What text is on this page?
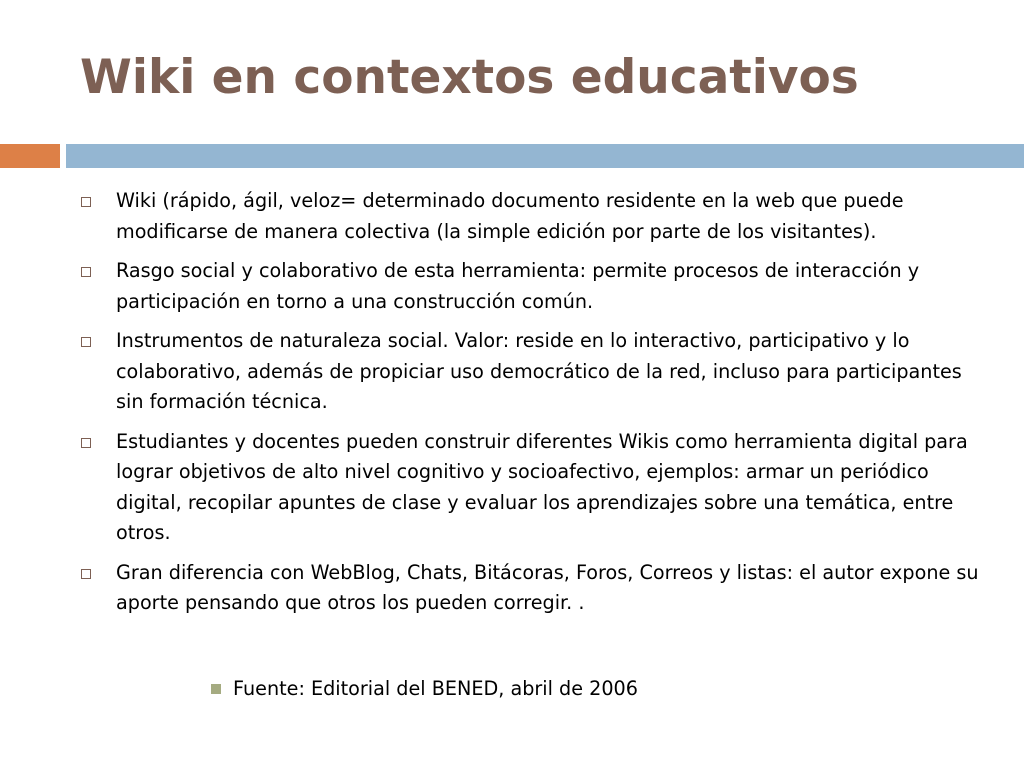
Wiki en contextos educativos
Wiki (rápido, ágil, veloz= determinado documento residente en la web que puede modificarse de manera colectiva (la simple edición por parte de los visitantes).
Rasgo social y colaborativo de esta herramienta: permite procesos de interacción y participación en torno a una construcción común.
Instrumentos de naturaleza social. Valor: reside en lo interactivo, participativo y lo colaborativo, además de propiciar uso democrático de la red, incluso para participantes sin formación técnica.
Estudiantes y docentes pueden construir diferentes Wikis como herramienta digital para lograr objetivos de alto nivel cognitivo y socioafectivo, ejemplos: armar un periódico digital, recopilar apuntes de clase y evaluar los aprendizajes sobre una temática, entre otros.
Gran diferencia con WebBlog, Chats, Bitácoras, Foros, Correos y listas: el autor expone su aporte pensando que otros los pueden corregir. .
Fuente: Editorial del BENED, abril de 2006
